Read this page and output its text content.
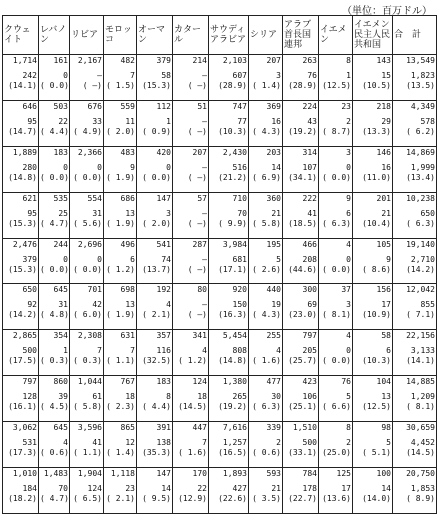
（単位：百万ドル）
クウェイト	レバノン	リビア	モロッコ	オーマン	カタール	サウディアラビア	シリア	アラブ首長国連邦	イエメン	イエメン民主人民共和国	合　計

1,714
242
(14.1)	161
0
( 0.0)	2,167
—
( —)	482
7
( 1.5)	379
58
(15.3)	214
—
( —)	2,103
607
(28.9)	207
3
( 1.4)	263
76
(28.9)	8
1
(12.5)	143
15
(10.5)	13,549
1,823
(13.5)

646
95
(14.7)	503
22
( 4.4)	676
33
( 4.9)	559
11
( 2.0)	112
1
( 0.9)	51
—
( —)	747
77
(10.3)	369
16
( 4.3)	224
43
(19.2)	23
2
( 8.7)	218
29
(13.3)	4,349
578
( 6.2)

1,889
280
(14.8)	183
0
( 0.0)	2,366
0
( 0.0)	483
9
( 1.9)	420
0
( 0.0)	207
—
( —)	2,430
516
(21.2)	203
14
( 6.9)	314
107
(34.1)	3
0
( 0.0)	146
16
(11.0)	14,869
1,999
(13.4)

621
95
(15.3)	535
25
( 4.7)	554
31
( 5.6)	686
13
( 1.9)	147
3
( 2.0)	57
—
( —)	710
70
( 9.9)	360
21
( 5.8)	222
41
(18.5)	9
6
( 6.3)	201
21
(10.4)	10,238
650
( 6.3)

2,476
379
(15.3)	244
0
( 0.0)	2,696
0
( 0.0)	496
6
( 1.2)	541
74
(13.7)	287
—
( —)	3,984
681
(17.1)	195
5
( 2.6)	466
208
(44.6)	4
0
( 0.0)	105
9
( 8.6)	19,140
2,710
(14.2)

650
92
(14.2)	645
31
( 4.8)	701
42
( 6.0)	698
13
( 1.9)	192
4
( 2.1)	80
—
( —)	920
150
(16.3)	440
19
( 4.3)	300
69
(23.0)	37
3
( 8.1)	156
17
(10.9)	12,042
855
( 7.1)

2,865
500
(17.5)	354
1
( 0.3)	2,308
7
( 0.3)	631
7
( 1.1)	357
116
(32.5)	341
4
( 1.2)	5,454
808
(14.8)	255
4
( 1.6)	797
205
(25.7)	4
0
( 0.0)	58
6
(10.3)	22,156
3,133
(14.1)

797
128
(16.1)	860
39
( 4.5)	1,044
61
( 5.8)	767
18
( 2.3)	183
8
( 4.4)	124
18
(14.5)	1,380
265
(19.2)	477
30
( 6.3)	423
106
(25.1)	76
5
( 6.6)	104
13
(12.5)	14,885
1,209
( 8.1)

3,062
531
(17.3)	645
4
( 0.6)	3,596
41
( 1.1)	865
12
( 1.4)	391
138
(35.3)	447
7
( 1.6)	7,616
1,257
(16.5)	339
2
( 0.6)	1,510
500
(33.1)	8
2
(25.0)	98
5
( 5.1)	30,659
4,452
(14.5)

1,010
184
(18.2)	1,483
70
( 4.7)	1,904
124
( 6.5)	1,118
23
( 2.1)	147
14
( 9.5)	170
22
(12.9)	1,893
427
(22.6)	593
21
( 3.5)	784
178
(22.7)	125
17
(13.6)	100
14
(14.0)	20,750
1,853
( 8.9)
